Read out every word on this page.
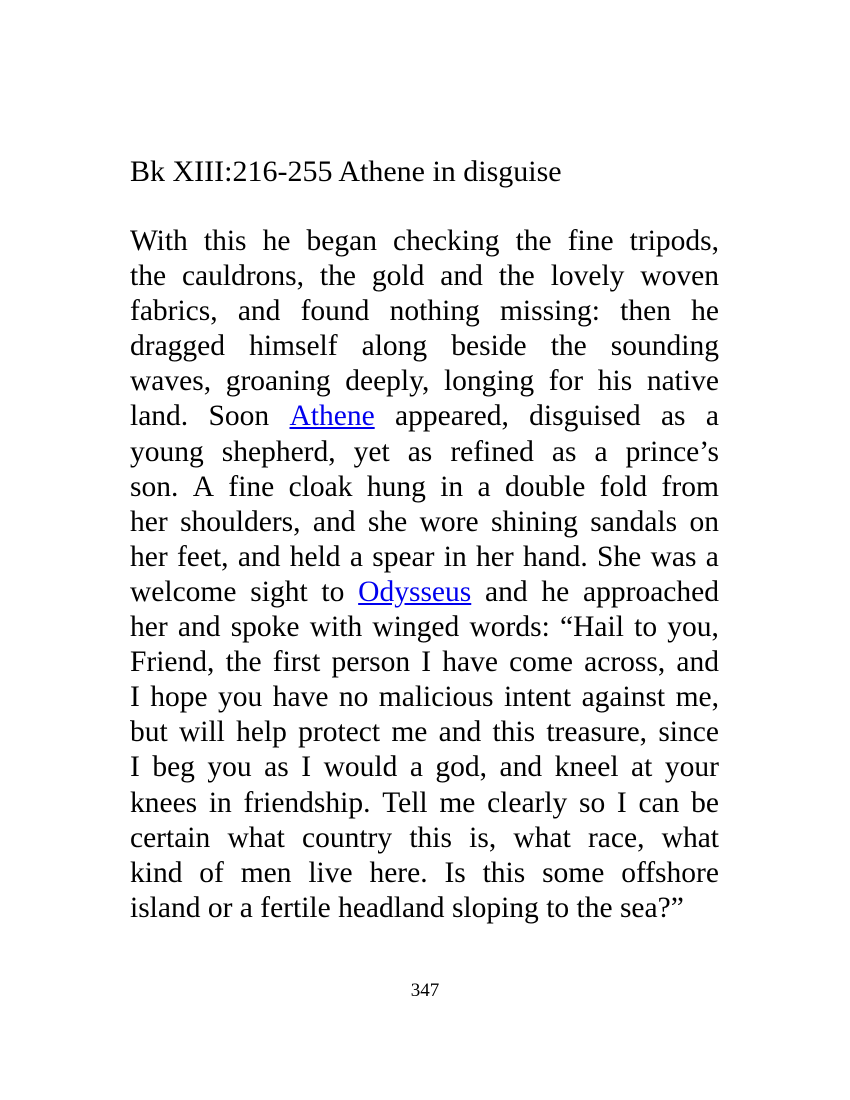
Bk XIII:216-255 Athene in disguise
With this he began checking the fine tripods,
the cauldrons, the gold and the lovely woven
fabrics, and found nothing missing: then he
dragged himself along beside the sounding
waves, groaning deeply, longing for his native
land. Soon Athene appeared, disguised as a
young shepherd, yet as refined as a prince’s
son. A fine cloak hung in a double fold from
her shoulders, and she wore shining sandals on
her feet, and held a spear in her hand. She was a
welcome sight to Odysseus and he approached
her and spoke with winged words: “Hail to you,
Friend, the first person I have come across, and
I hope you have no malicious intent against me,
but will help protect me and this treasure, since
I beg you as I would a god, and kneel at your
knees in friendship. Tell me clearly so I can be
certain what country this is, what race, what
kind of men live here. Is this some offshore
island or a fertile headland sloping to the sea?”
347
